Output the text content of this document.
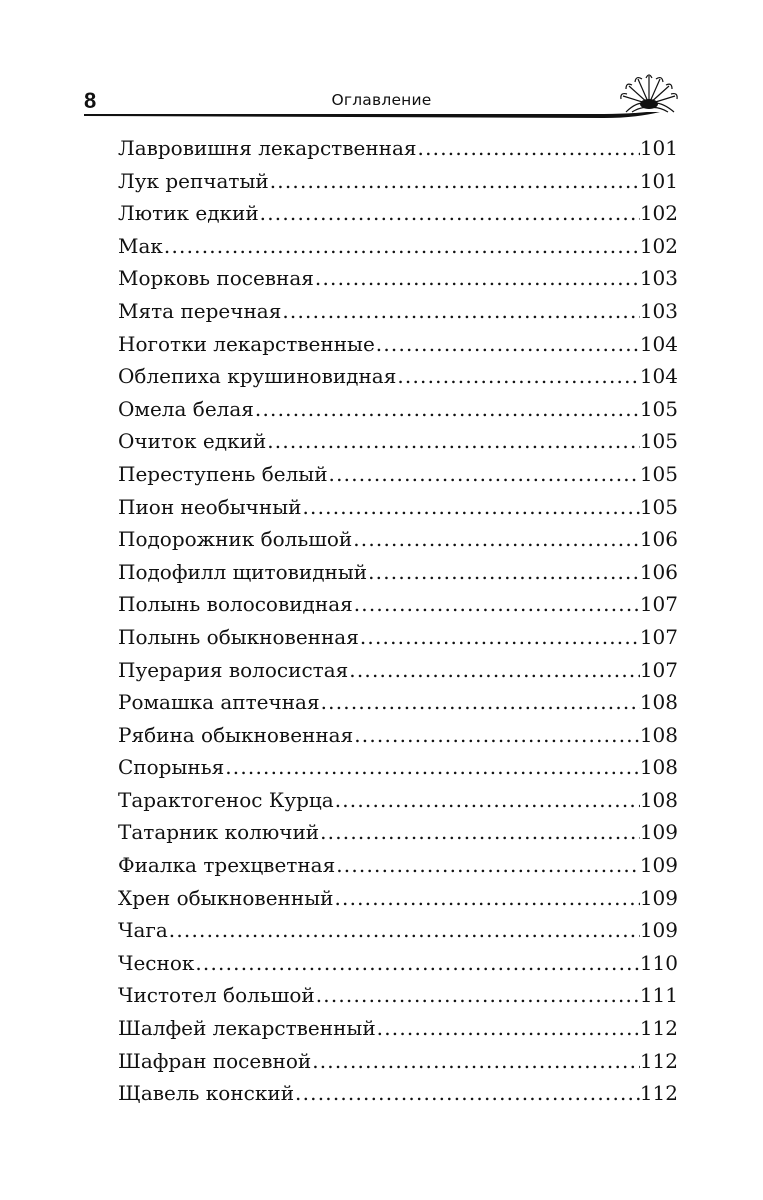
8	Оглавление
Лавровишня лекарственная .....	101
Лук репчатый .....	101
Лютик едкий .....	102
Мак .....	102
Морковь посевная .....	103
Мята перечная .....	103
Ноготки лекарственные .....	104
Облепиха крушиновидная .....	104
Омела белая .....	105
Очиток едкий .....	105
Переступень белый .....	105
Пион необычный .....	105
Подорожник большой .....	106
Подофилл щитовидный .....	106
Полынь волосовидная .....	107
Полынь обыкновенная .....	107
Пуерария волосистая .....	107
Ромашка аптечная .....	108
Рябина обыкновенная .....	108
Спорынья .....	108
Тарактогенос Курца .....	108
Татарник колючий .....	109
Фиалка трехцветная .....	109
Хрен обыкновенный .....	109
Чага .....	109
Чеснок .....	110
Чистотел большой .....	111
Шалфей лекарственный .....	112
Шафран посевной .....	112
Щавель конский .....	112
